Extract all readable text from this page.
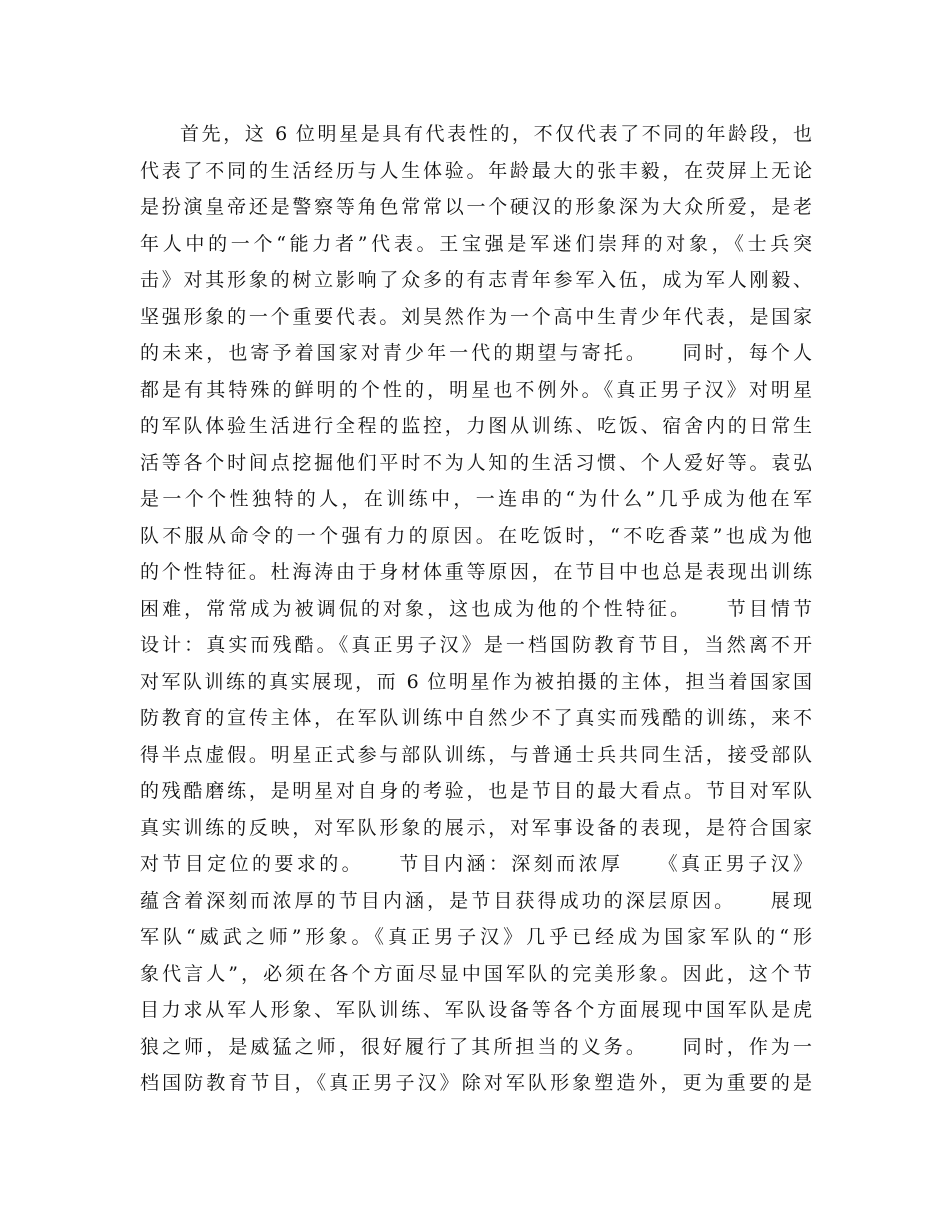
首先，这 6 位明星是具有代表性的，不仅代表了不同的年龄段，也
代表了不同的生活经历与人生体验。年龄最大的张丰毅，在荧屏上无论
是扮演皇帝还是警察等角色常常以一个硬汉的形象深为大众所爱，是老
年人中的一个“能力者”代表。王宝强是军迷们崇拜的对象，《士兵突
击》对其形象的树立影响了众多的有志青年参军入伍，成为军人刚毅、
坚强形象的一个重要代表。刘昊然作为一个高中生青少年代表，是国家
的未来，也寄予着国家对青少年一代的期望与寄托。　　同时，每个人
都是有其特殊的鲜明的个性的，明星也不例外。《真正男子汉》对明星
的军队体验生活进行全程的监控，力图从训练、吃饭、宿舍内的日常生
活等各个时间点挖掘他们平时不为人知的生活习惯、个人爱好等。袁弘
是一个个性独特的人，在训练中，一连串的“为什么”几乎成为他在军
队不服从命令的一个强有力的原因。在吃饭时，“不吃香菜”也成为他
的个性特征。杜海涛由于身材体重等原因，在节目中也总是表现出训练
困难，常常成为被调侃的对象，这也成为他的个性特征。　　节目情节
设计：真实而残酷。《真正男子汉》是一档国防教育节目，当然离不开
对军队训练的真实展现，而 6 位明星作为被拍摄的主体，担当着国家国
防教育的宣传主体，在军队训练中自然少不了真实而残酷的训练，来不
得半点虚假。明星正式参与部队训练，与普通士兵共同生活，接受部队
的残酷磨练，是明星对自身的考验，也是节目的最大看点。节目对军队
真实训练的反映，对军队形象的展示，对军事设备的表现，是符合国家
对节目定位的要求的。　　节目内涵：深刻而浓厚　　《真正男子汉》
蕴含着深刻而浓厚的节目内涵，是节目获得成功的深层原因。　　展现
军队“威武之师”形象。《真正男子汉》几乎已经成为国家军队的“形
象代言人”，必须在各个方面尽显中国军队的完美形象。因此，这个节
目力求从军人形象、军队训练、军队设备等各个方面展现中国军队是虎
狼之师，是威猛之师，很好履行了其所担当的义务。　　同时，作为一
档国防教育节目，《真正男子汉》除对军队形象塑造外，更为重要的是
